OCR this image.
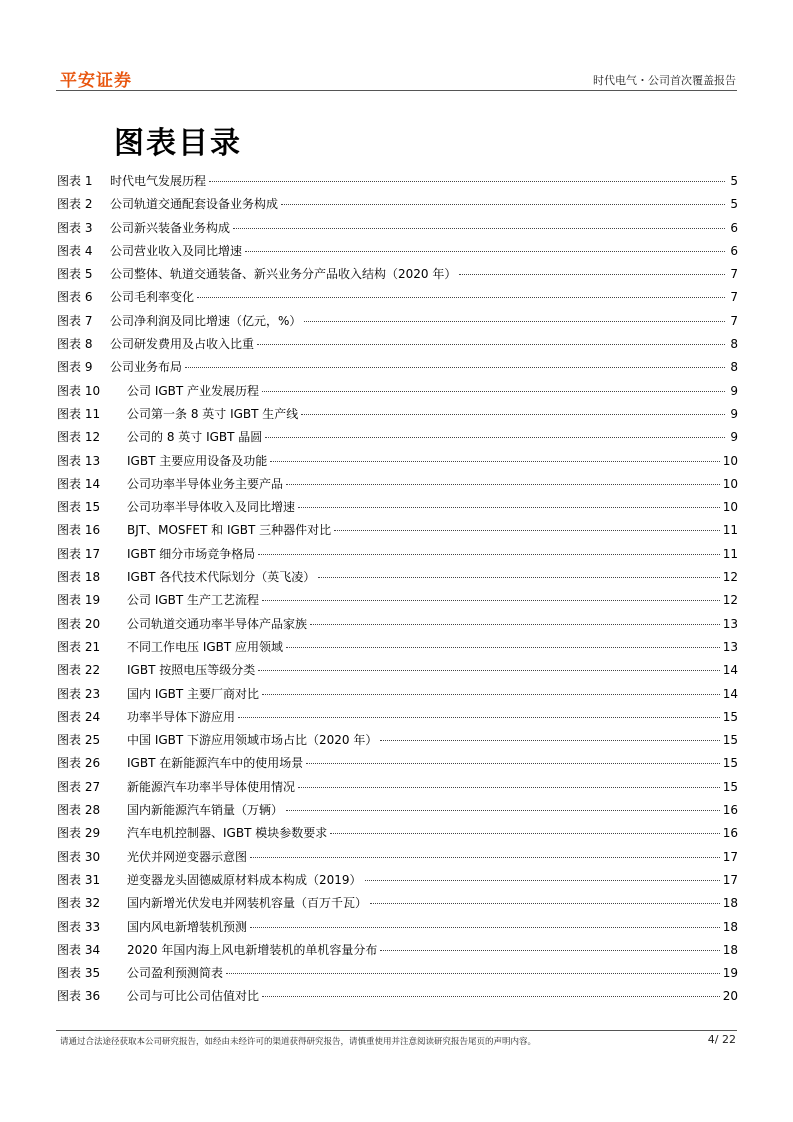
平安证券	时代电气・公司首次覆盖报告
图表目录
图表 1	时代电气发展历程	5
图表 2	公司轨道交通配套设备业务构成	5
图表 3	公司新兴装备业务构成	6
图表 4	公司营业收入及同比增速	6
图表 5	公司整体、轨道交通装备、新兴业务分产品收入结构（2020 年）	7
图表 6	公司毛利率变化	7
图表 7	公司净利润及同比增速（亿元，%）	7
图表 8	公司研发费用及占收入比重	8
图表 9	公司业务布局	8
图表 10	公司 IGBT 产业发展历程	9
图表 11	公司第一条 8 英寸 IGBT 生产线	9
图表 12	公司的 8 英寸 IGBT 晶圆	9
图表 13	IGBT 主要应用设备及功能	10
图表 14	公司功率半导体业务主要产品	10
图表 15	公司功率半导体收入及同比增速	10
图表 16	BJT、MOSFET 和 IGBT 三种器件对比	11
图表 17	IGBT 细分市场竞争格局	11
图表 18	IGBT 各代技术代际划分（英飞凌）	12
图表 19	公司 IGBT 生产工艺流程	12
图表 20	公司轨道交通功率半导体产品家族	13
图表 21	不同工作电压 IGBT 应用领域	13
图表 22	IGBT 按照电压等级分类	14
图表 23	国内 IGBT 主要厂商对比	14
图表 24	功率半导体下游应用	15
图表 25	中国 IGBT 下游应用领域市场占比（2020 年）	15
图表 26	IGBT 在新能源汽车中的使用场景	15
图表 27	新能源汽车功率半导体使用情况	15
图表 28	国内新能源汽车销量（万辆）	16
图表 29	汽车电机控制器、IGBT 模块参数要求	16
图表 30	光伏并网逆变器示意图	17
图表 31	逆变器龙头固德威原材料成本构成（2019）	17
图表 32	国内新增光伏发电并网装机容量（百万千瓦）	18
图表 33	国内风电新增装机预测	18
图表 34	2020 年国内海上风电新增装机的单机容量分布	18
图表 35	公司盈利预测简表	19
图表 36	公司与可比公司估值对比	20
请通过合法途径获取本公司研究报告，如经由未经许可的渠道获得研究报告，请慎重使用并注意阅读研究报告尾页的声明内容。	4/ 22
